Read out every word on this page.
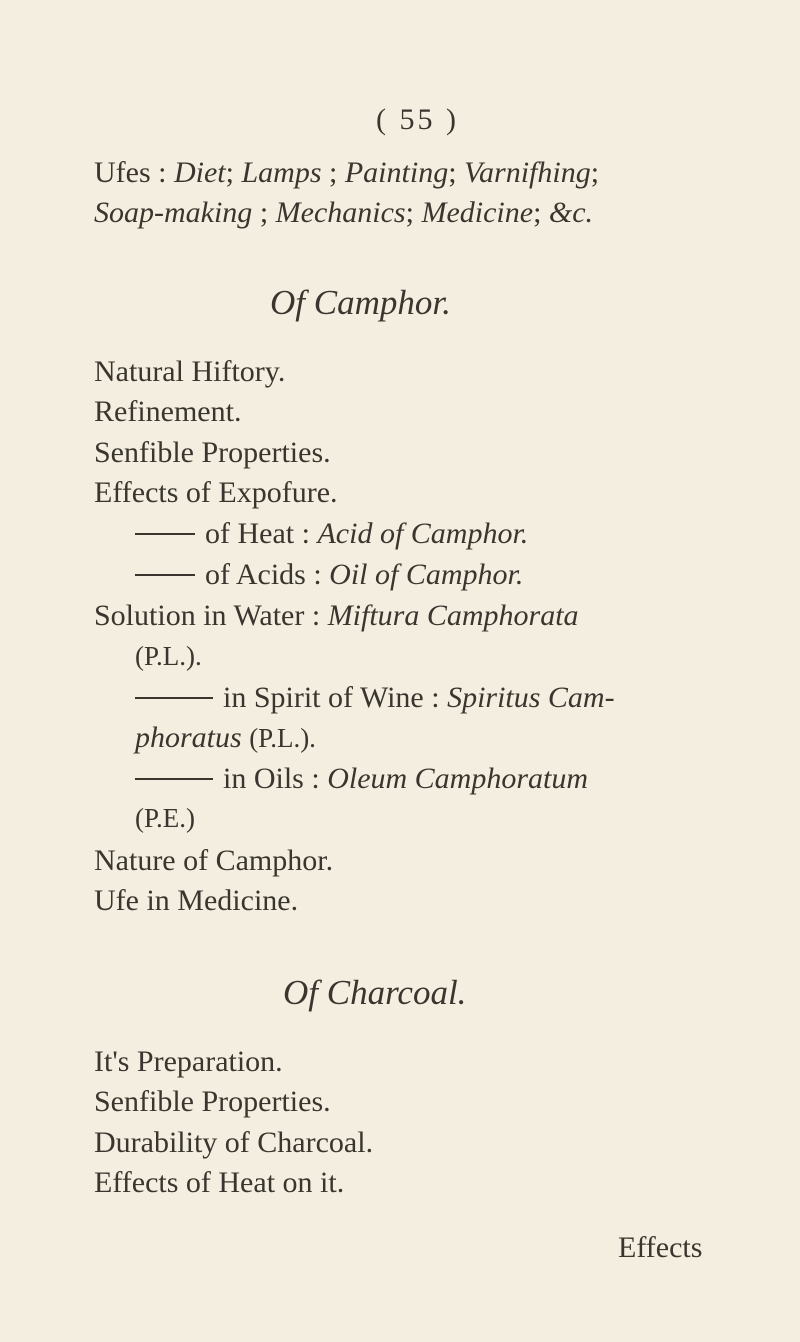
( 55 )
Ufes : Diet; Lamps ; Painting; Varnifhing;
Soap-making ; Mechanics; Medicine; &c.
Of Camphor.
Natural Hiftory.
Refinement.
Senfible Properties.
Effects of Expofure.
of Heat : Acid of Camphor.
of Acids : Oil of Camphor.
Solution in Water : Miftura Camphorata
(P.L.).
in Spirit of Wine : Spiritus Cam-
phoratus (P.L.).
in Oils : Oleum Camphoratum
(P.E.)
Nature of Camphor.
Ufe in Medicine.
Of Charcoal.
It's Preparation.
Senfible Properties.
Durability of Charcoal.
Effects of Heat on it.
Effects
